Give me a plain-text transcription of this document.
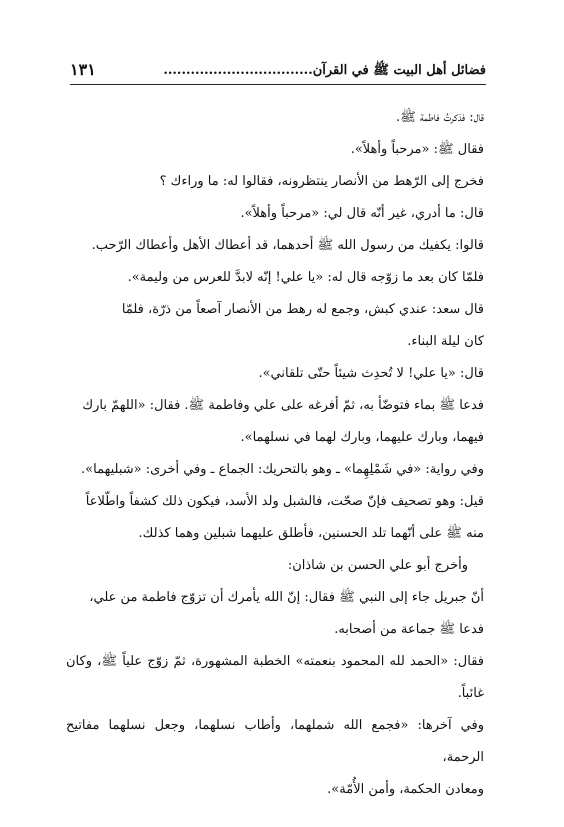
فضائل أهل البيت ﷺ في القرآن.................................
١٣١

قال: فذكرتُ فاطمة ﷺ.

فقال ﷺ: «مرحباً وأهلاً».

فخرج إلى الرّهط من الأنصار ينتظرونه، فقالوا له: ما وراءك ؟

قال: ما أدري، غير أنّه قال لي: «مرحباً وأهلاً».

قالوا: يكفيك من رسول الله ﷺ أحدهما، قد أعطاك الأهل وأعطاك الرّحب.

فلمّا كان بعد ما زوّجه قال له: «يا علي! إنّه لابدَّ للعرس من وليمة».

قال سعد: عندي كبش، وجمع له رهط من الأنصار آصعاً من ذرّة، فلمّا

كان ليلة البناء.

قال: «يا علي! لا تُحدِث شيئاً حتّى تلقاني».

فدعا ﷺ بماء فتوضّأ به، ثمّ أفرغه على علي وفاطمة ﷺ. فقال: «اللهمّ بارك

فيهما، وبارك عليهما، وبارك لهما في نسلهما».

وفي رواية: «في شَمْلِهِما» ـ وهو بالتحريك: الجماع ـ وفي أخرى: «شبليهما».

قيل: وهو تصحيف فإنّ صحّت، فالشبل ولد الأسد، فيكون ذلك كشفاً واطّلاعاً

منه ﷺ على أنّهما تلد الحسنين، فأطلق عليهما شبلين وهما كذلك.

وأخرج أبو علي الحسن بن شاذان:

أنّ جبريل جاء إلى النبي ﷺ فقال: إنّ الله يأمرك أن تزوّج فاطمة من علي،

فدعا ﷺ جماعة من أصحابه.

فقال: «الحمد لله المحمود بنعمته» الخطبة المشهورة، ثمّ زوّج علياً ﷺ، وكان غائباً.

وفي آخرها: «فجمع الله شملهما، وأطاب نسلهما، وجعل نسلهما مفاتيح الرحمة،

ومعادن الحكمة، وأمن الأُمّة».
